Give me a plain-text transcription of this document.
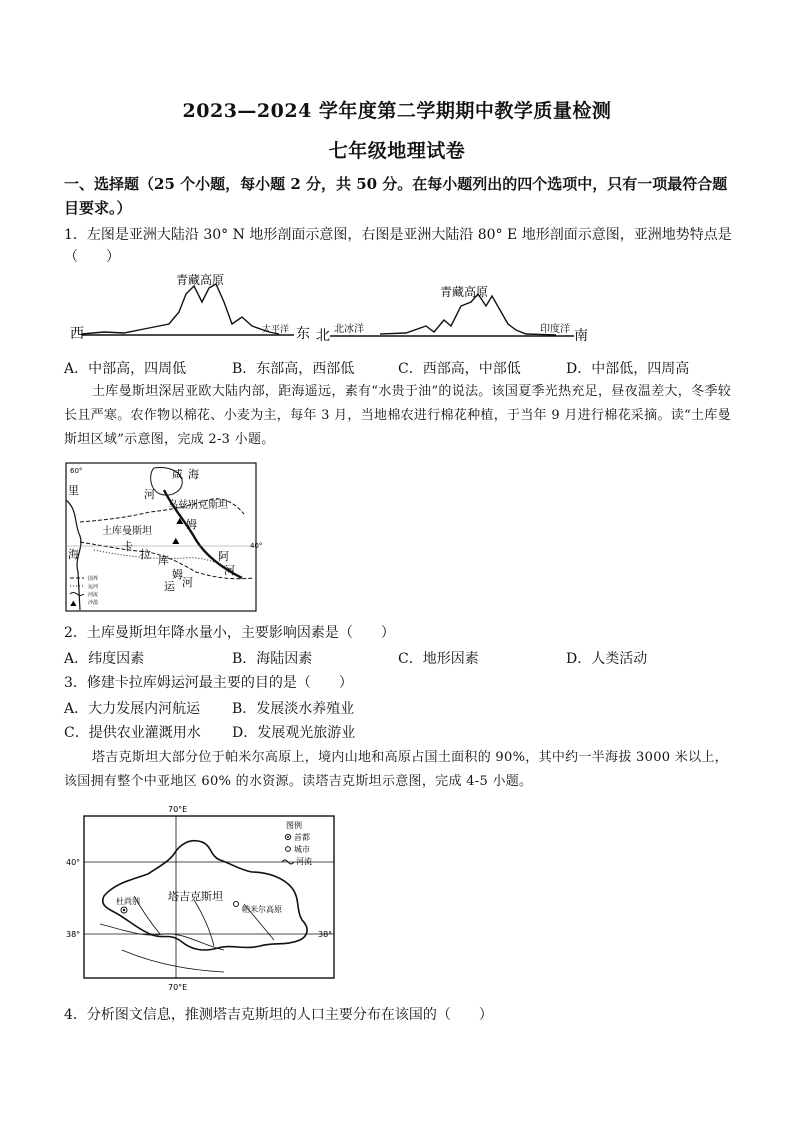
2023—2024 学年度第二学期期中教学质量检测
七年级地理试卷
一、选择题（25 个小题，每小题 2 分，共 50 分。在每小题列出的四个选项中，只有一项最符合题目要求。）
1．左图是亚洲大陆沿 30° N 地形剖面示意图，右图是亚洲大陆沿 80° E 地形剖面示意图，亚洲地势特点是
（　　）
青藏高原
西	东
太平洋
青藏高原
北 北冰洋	印度洋 南
A．中部高，四周低	B．东部高，西部低	C．西部高，中部低	D．中部低，四周高
土库曼斯坦深居亚欧大陆内部，距海遥远，素有“水贵于油”的说法。该国夏季光热充足，昼夜温差大，冬季较长且严寒。农作物以棉花、小麦为主，每年 3 月，当地棉农进行棉花种植，于当年 9 月进行棉花采摘。读“土库曼斯坦区域”示意图，完成 2-3 小题。
60°
40°
咸 海
里
海
河
乌兹别克斯坦
土库曼斯坦
姆
卡
拉 库
姆
运 河
阿
河
⛰
⛰
国界
运河
河流
⛰ 沙漠
2．土库曼斯坦年降水量小，主要影响因素是（　　）
A．纬度因素	B．海陆因素	C．地形因素	D．人类活动
3．修建卡拉库姆运河最主要的目的是（　　）
A．大力发展内河航运 B．发展淡水养殖业
C．提供农业灌溉用水 D．发展观光旅游业
塔吉克斯坦大部分位于帕米尔高原上，境内山地和高原占国土面积的 90%，其中约一半海拔 3000 米以上，该国拥有整个中亚地区 60% 的水资源。读塔吉克斯坦示意图，完成 4-5 小题。
70°E
70°E
40°
38°	38°
塔吉克斯坦
杜尚别
帕米尔高原
图例
首都
城市
河流
4．分析图文信息，推测塔吉克斯坦的人口主要分布在该国的（　　）
